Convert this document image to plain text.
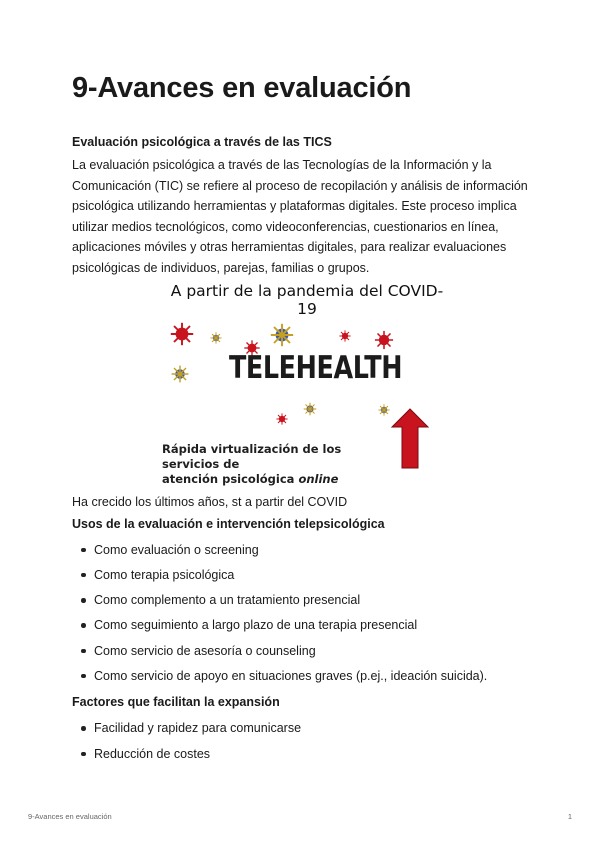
9-Avances en evaluación
Evaluación psicológica a través de las TICS

La evaluación psicológica a través de las Tecnologías de la Información y la Comunicación (TIC) se refiere al proceso de recopilación y análisis de información psicológica utilizando herramientas y plataformas digitales. Este proceso implica utilizar medios tecnológicos, como videoconferencias, cuestionarios en línea, aplicaciones móviles y otras herramientas digitales, para realizar evaluaciones psicológicas de individuos, parejas, familias o grupos.

A partir de la pandemia del COVID-19
TELEHEALTH
Rápida virtualización de los servicios de
atención psicológica online

Ha crecido los últimos años, st a partir del COVID

Usos de la evaluación e intervención telepsicológica
Como evaluación o screening
Como terapia psicológica
Como complemento a un tratamiento presencial
Como seguimiento a largo plazo de una terapia presencial
Como servicio de asesoría o counseling
Como servicio de apoyo en situaciones graves (p.ej., ideación suicida).
Factores que facilitan la expansión
Facilidad y rapidez para comunicarse
Reducción de costes
9-Avances en evaluación	1
